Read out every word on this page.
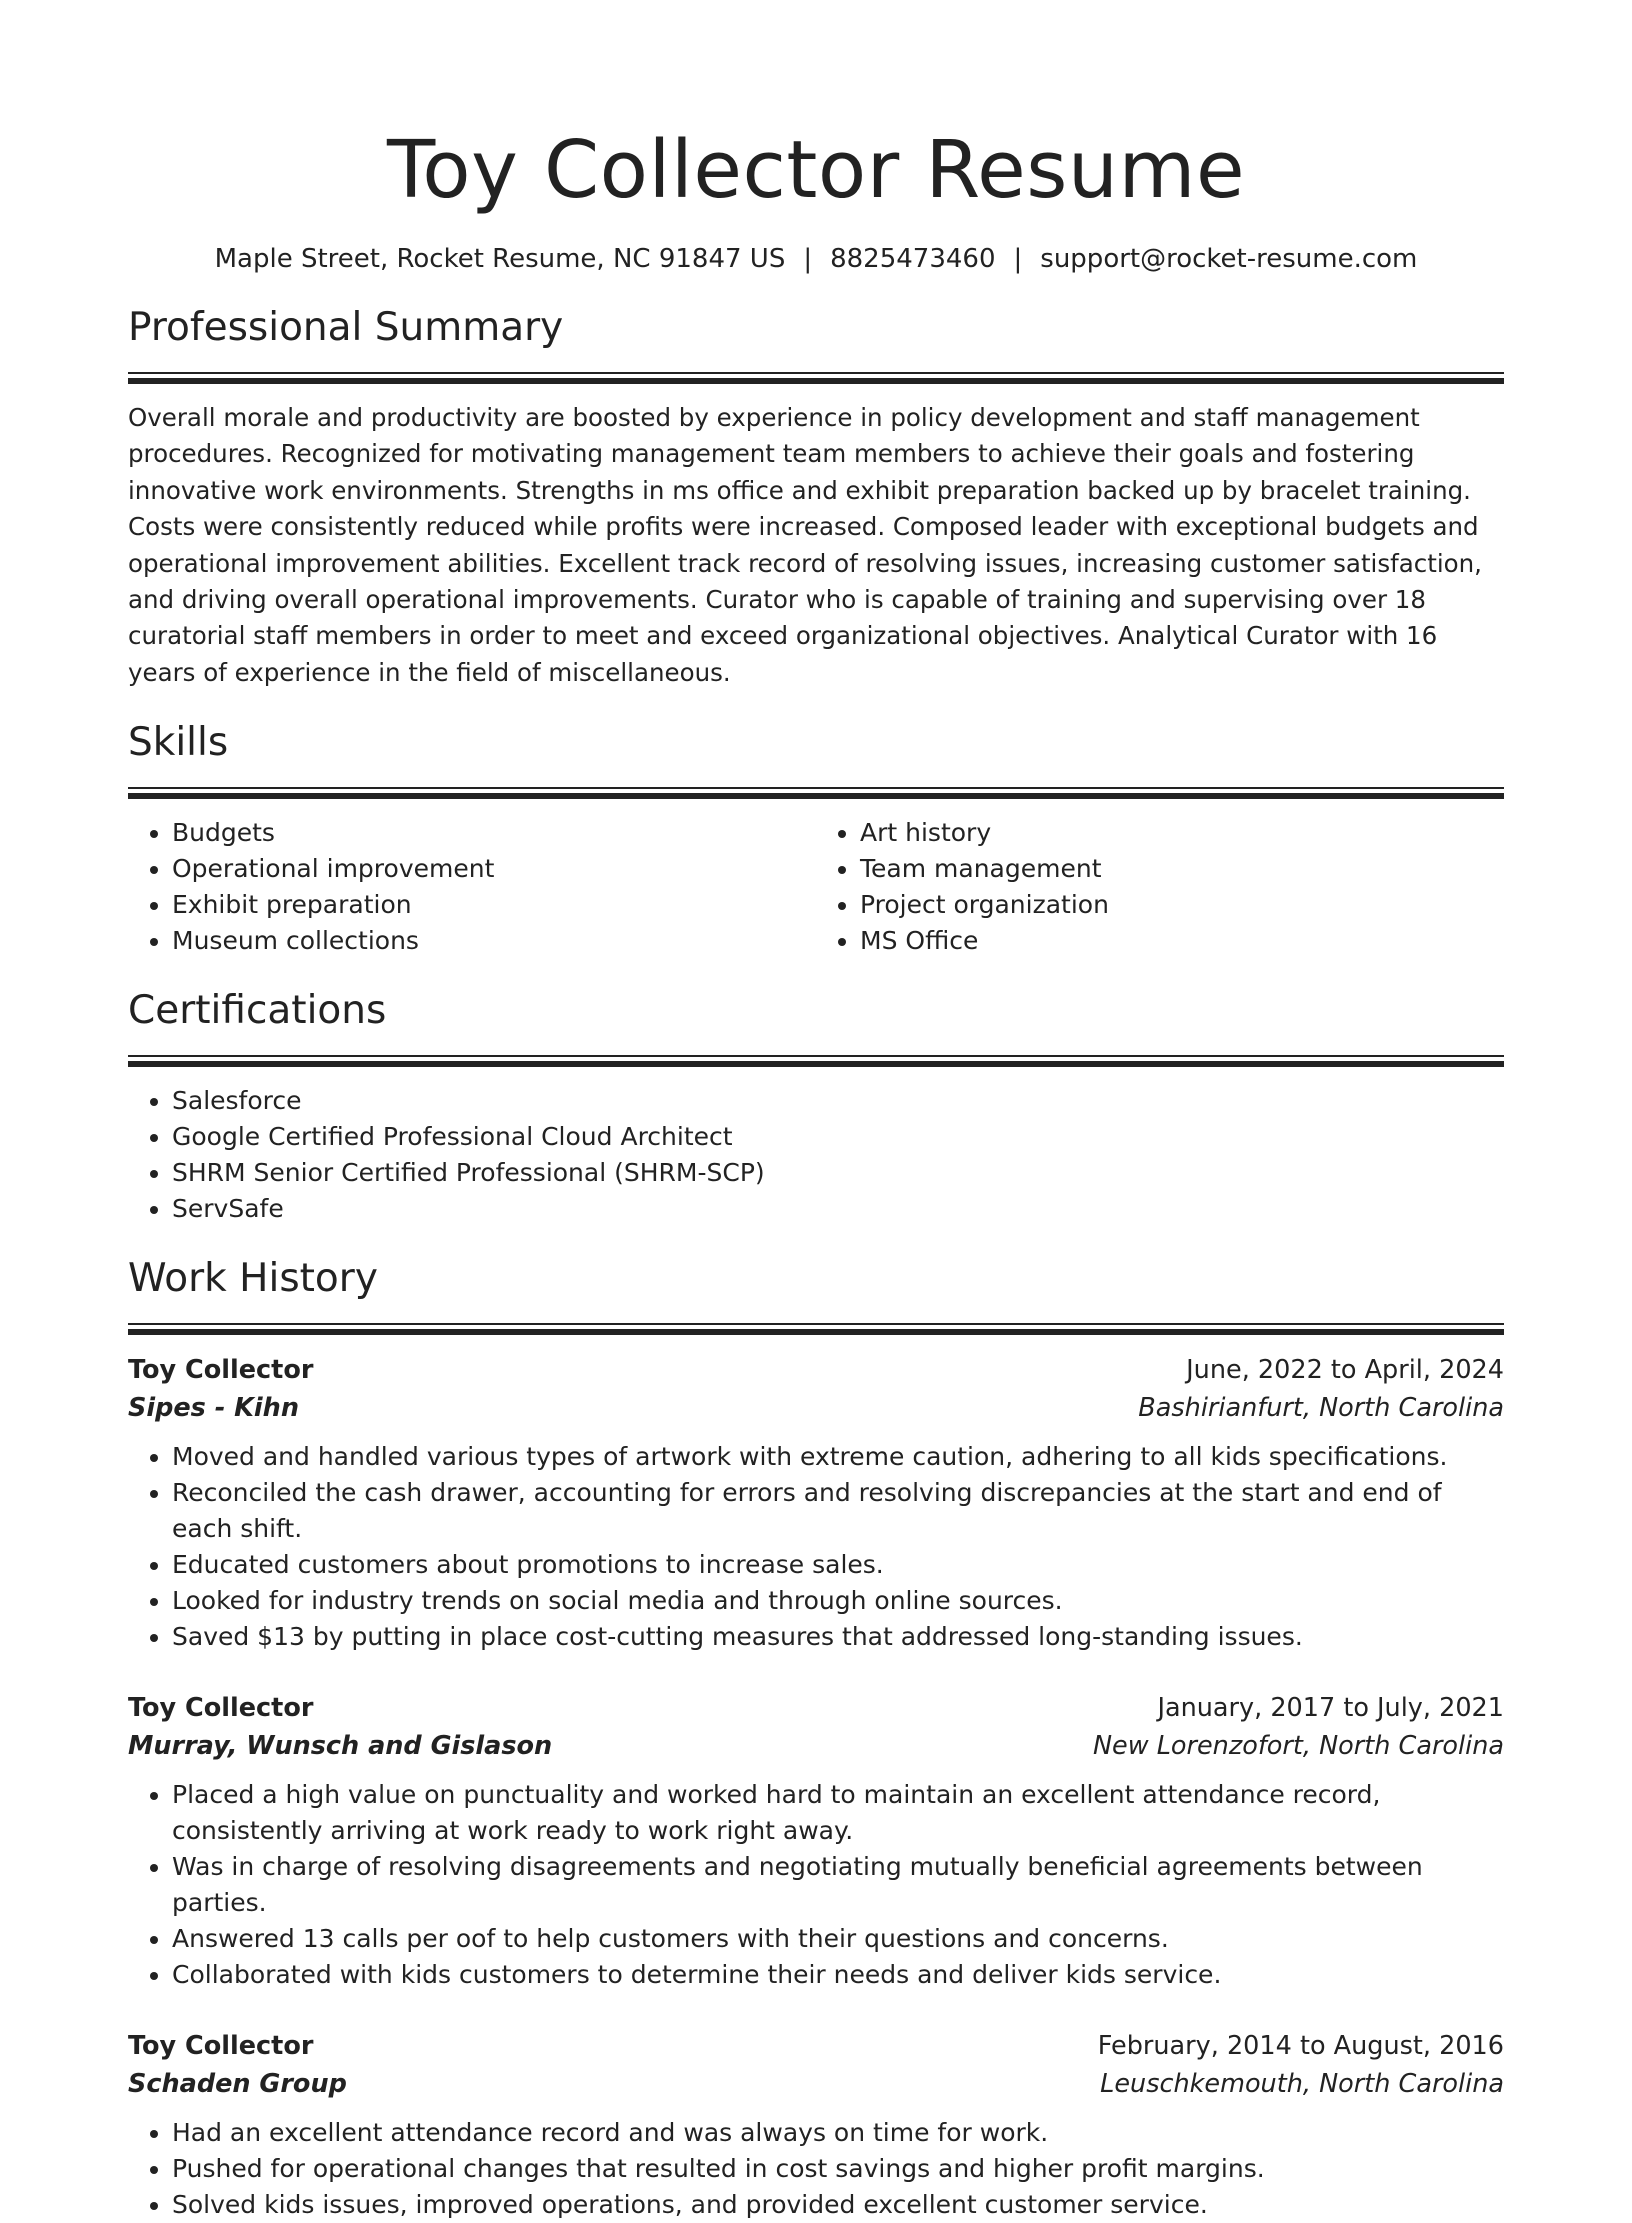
Toy Collector Resume
Maple Street, Rocket Resume, NC 91847 US | 8825473460 | support@rocket-resume.com
Professional Summary

Overall morale and productivity are boosted by experience in policy development and staff management procedures. Recognized for motivating management team members to achieve their goals and fostering innovative work environments. Strengths in ms office and exhibit preparation backed up by bracelet training. Costs were consistently reduced while profits were increased. Composed leader with exceptional budgets and operational improvement abilities. Excellent track record of resolving issues, increasing customer satisfaction, and driving overall operational improvements. Curator who is capable of training and supervising over 18 curatorial staff members in order to meet and exceed organizational objectives. Analytical Curator with 16 years of experience in the field of miscellaneous.

Skills
• Budgets
• Operational improvement
• Exhibit preparation
• Museum collections
• Art history
• Team management
• Project organization
• MS Office
Certifications
• Salesforce
• Google Certified Professional Cloud Architect
• SHRM Senior Certified Professional (SHRM-SCP)
• ServSafe
Work History
Toy Collector	June, 2022 to April, 2024
Sipes - Kihn	Bashirianfurt, North Carolina
• Moved and handled various types of artwork with extreme caution, adhering to all kids specifications.
• Reconciled the cash drawer, accounting for errors and resolving discrepancies at the start and end of each shift.
• Educated customers about promotions to increase sales.
• Looked for industry trends on social media and through online sources.
• Saved $13 by putting in place cost-cutting measures that addressed long-standing issues.
Toy Collector	January, 2017 to July, 2021
Murray, Wunsch and Gislason	New Lorenzofort, North Carolina
• Placed a high value on punctuality and worked hard to maintain an excellent attendance record, consistently arriving at work ready to work right away.
• Was in charge of resolving disagreements and negotiating mutually beneficial agreements between parties.
• Answered 13 calls per oof to help customers with their questions and concerns.
• Collaborated with kids customers to determine their needs and deliver kids service.
Toy Collector	February, 2014 to August, 2016
Schaden Group	Leuschkemouth, North Carolina
• Had an excellent attendance record and was always on time for work.
• Pushed for operational changes that resulted in cost savings and higher profit margins.
• Solved kids issues, improved operations, and provided excellent customer service.
